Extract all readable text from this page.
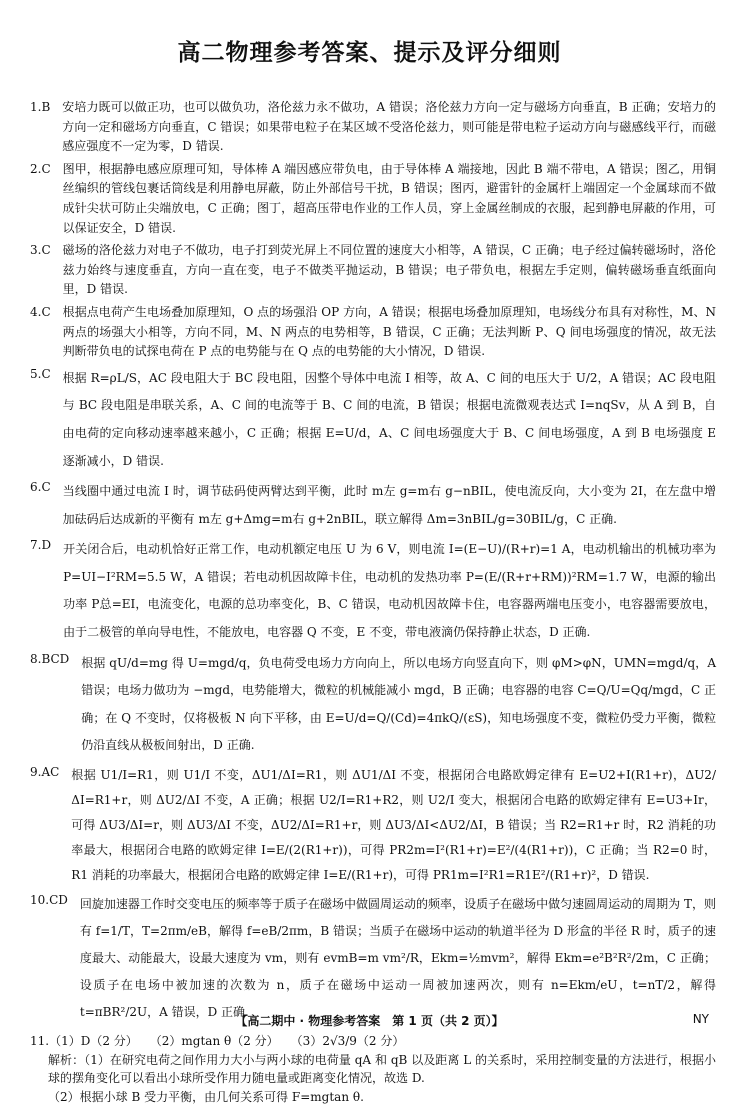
高二物理参考答案、提示及评分细则
1.B  安培力既可以做正功，也可以做负功，洛伦兹力永不做功，A 错误；洛伦兹力方向一定与磁场方向垂直，B 正确；安培力的方向一定和磁场方向垂直，C 错误；如果带电粒子在某区域不受洛伦兹力，则可能是带电粒子运动方向与磁感线平行，而磁感应强度不一定为零，D 错误.
2.C  图甲，根据静电感应原理可知，导体棒 A 端因感应带负电，由于导体棒 A 端接地，因此 B 端不带电，A 错误；图乙，用铜丝编织的管线包裹话筒线是利用静电屏蔽，防止外部信号干扰，B 错误；图丙，避雷针的金属杆上端固定一个金属球而不做成针尖状可防止尖端放电，C 正确；图丁，超高压带电作业的工作人员，穿上金属丝制成的衣服，起到静电屏蔽的作用，可以保证安全，D 错误.
3.C  磁场的洛伦兹力对电子不做功，电子打到荧光屏上不同位置的速度大小相等，A 错误，C 正确；电子经过偏转磁场时，洛伦兹力始终与速度垂直，方向一直在变，电子不做类平抛运动，B 错误；电子带负电，根据左手定则，偏转磁场垂直纸面向里，D 错误.
4.C  根据点电荷产生电场叠加原理知，O 点的场强沿 OP 方向，A 错误；根据电场叠加原理知，电场线分布具有对称性，M、N 两点的场强大小相等，方向不同，M、N 两点的电势相等，B 错误，C 正确；无法判断 P、Q 间电场强度的情况，故无法判断带负电的试探电荷在 P 点的电势能与在 Q 点的电势能的大小情况，D 错误.
5.C  根据 R=ρL/S，AC 段电阻大于 BC 段电阻，因整个导体中电流 I 相等，故 A、C 间的电压大于 U/2，A 错误；AC 段电阻与 BC 段电阻是串联关系，A、C 间的电流等于 B、C 间的电流，B 错误；根据电流微观表达式 I=nqSv，从 A 到 B，自由电荷的定向移动速率越来越小，C 正确；根据 E=U/d，A、C 间电场强度大于 B、C 间电场强度，A 到 B 电场强度 E 逐渐减小，D 错误.
6.C  当线圈中通过电流 I 时，调节砝码使两臂达到平衡，此时 m左 g=m右 g−nBIL，使电流反向，大小变为 2I，在左盘中增加砝码后达成新的平衡有 m左 g+Δmg=m右 g+2nBIL，联立解得 Δm=3nBIL/g=30BIL/g，C 正确.
7.D  开关闭合后，电动机恰好正常工作，电动机额定电压 U 为 6 V，则电流 I=(E−U)/(R+r)=1 A，电动机输出的机械功率为 P=UI−I²RM=5.5 W，A 错误；若电动机因故障卡住，电动机的发热功率 P=(E/(R+r+RM))²RM=1.7 W，电源的输出功率 P总=EI，电流变化，电源的总功率变化，B、C 错误，电动机因故障卡住，电容器两端电压变小，电容器需要放电，由于二极管的单向导电性，不能放电，电容器 Q 不变，E 不变，带电液滴仍保持静止状态，D 正确.
8.BCD  根据 qU/d=mg 得 U=mgd/q，负电荷受电场力方向向上，所以电场方向竖直向下，则 φM>φN，UMN=mgd/q，A 错误；电场力做功为 −mgd，电势能增大，微粒的机械能减小 mgd，B 正确；电容器的电容 C=Q/U=Qq/mgd，C 正确；在 Q 不变时，仅将极板 N 向下平移，由 E=U/d=Q/(Cd)=4πkQ/(εS)，知电场强度不变，微粒仍受力平衡，微粒仍沿直线从极板间射出，D 正确.
9.AC  根据 U1/I=R1，则 U1/I 不变，ΔU1/ΔI=R1，则 ΔU1/ΔI 不变，根据闭合电路欧姆定律有 E=U2+I(R1+r)，ΔU2/ΔI=R1+r，则 ΔU2/ΔI 不变，A 正确；根据 U2/I=R1+R2，则 U2/I 变大，根据闭合电路的欧姆定律有 E=U3+Ir，可得 ΔU3/ΔI=r，则 ΔU3/ΔI 不变，ΔU2/ΔI=R1+r，则 ΔU3/ΔI<ΔU2/ΔI，B 错误；当 R2=R1+r 时，R2 消耗的功率最大，根据闭合电路的欧姆定律 I=E/(2(R1+r))，可得 PR2m=I²(R1+r)=E²/(4(R1+r))，C 正确；当 R2=0 时，R1 消耗的功率最大，根据闭合电路的欧姆定律 I=E/(R1+r)，可得 PR1m=I²R1=R1E²/(R1+r)²，D 错误.
10.CD  回旋加速器工作时交变电压的频率等于质子在磁场中做圆周运动的频率，设质子在磁场中做匀速圆周运动的周期为 T，则有 f=1/T，T=2πm/eB，解得 f=eB/2πm，B 错误；当质子在磁场中运动的轨道半径为 D 形盒的半径 R 时，质子的速度最大、动能最大，设最大速度为 vm，则有 evmB=m vm²/R，Ekm=½mvm²，解得 Ekm=e²B²R²/2m，C 正确；设质子在电场中被加速的次数为 n，质子在磁场中运动一周被加速两次，则有 n=Ekm/eU，t=nT/2，解得 t=πBR²/2U，A 错误，D 正确.
11.（1）D（2 分） （2）mgtan θ（2 分） （3）2√3/9（2 分）
解析：（1）在研究电荷之间作用力大小与两小球的电荷量 qA 和 qB 以及距离 L 的关系时，采用控制变量的方法进行，根据小球的摆角变化可以看出小球所受作用力随电量或距离变化情况，故选 D.
（2）根据小球 B 受力平衡，由几何关系可得 F=mgtan θ.
【高二期中 · 物理参考答案 第 1 页（共 2 页）】	NY
